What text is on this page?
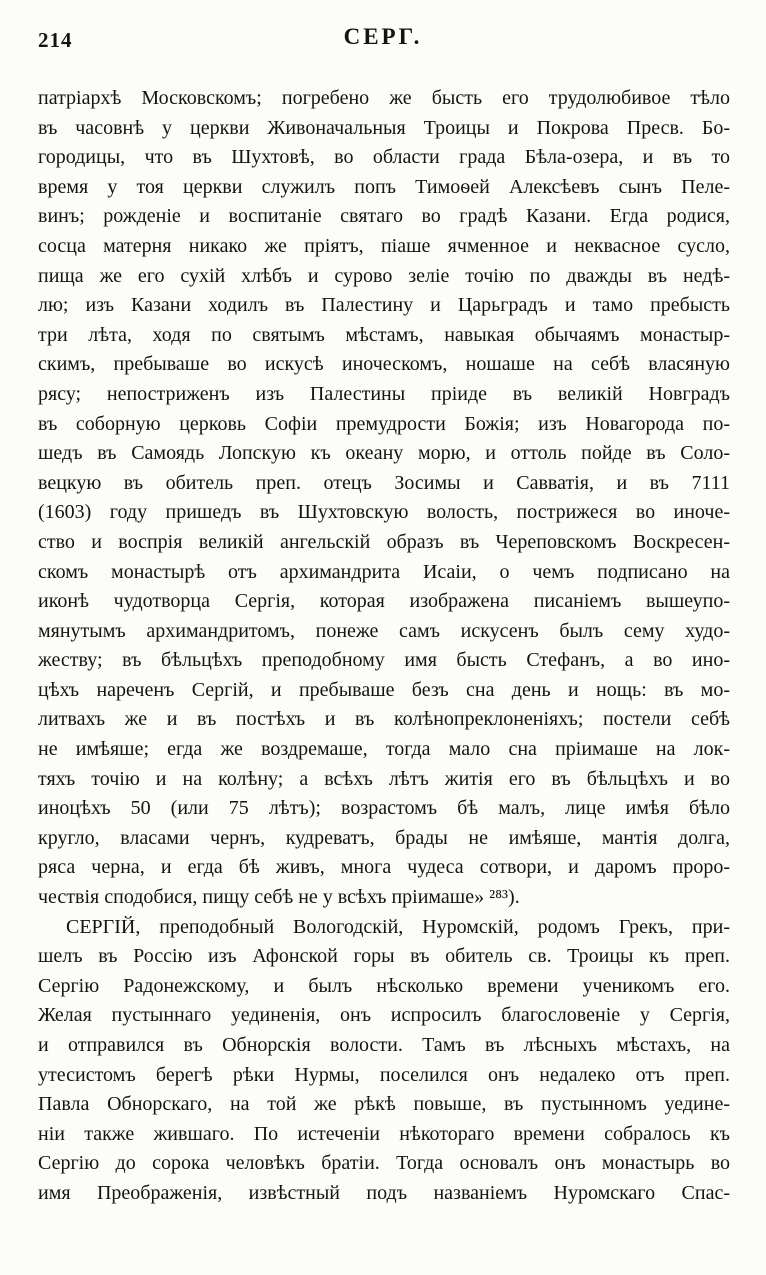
214	СЕРГ.
патріархѣ Московскомъ; погребено же бысть его трудолюбивое тѣло
въ часовнѣ у церкви Живоначальныя Троицы и Покрова Пресв. Бо-
городицы, что въ Шухтовѣ, во области града Бѣла-озера, и въ то
время у тоя церкви служилъ попъ Тимоѳей Алексѣевъ сынъ Пеле-
винъ; рожденіе и воспитаніе святаго во градѣ Казани. Егда родися,
сосца матерня никако же пріятъ, піаше ячменное и неквасное сусло,
пища же его сухій хлѣбъ и сурово зеліе точію по дважды въ недѣ-
лю; изъ Казани ходилъ въ Палестину и Царьградъ и тамо пребысть
три лѣта, ходя по святымъ мѣстамъ, навыкая обычаямъ монастыр-
скимъ, пребываше во искусѣ иноческомъ, ношаше на себѣ власяную
рясу; непостриженъ изъ Палестины пріиде въ великій Новградъ
въ соборную церковь Софіи премудрости Божія; изъ Новагорода по-
шедъ въ Самоядь Лопскую къ океану морю, и оттоль пойде въ Соло-
вецкую въ обитель преп. отецъ Зосимы и Савватія, и въ 7111
(1603) году пришедъ въ Шухтовскую волость, пострижеся во иноче-
ство и воспрія великій ангельскій образъ въ Череповскомъ Воскресен-
скомъ монастырѣ отъ архимандрита Исаіи, о чемъ подписано на
иконѣ чудотворца Сергія, которая изображена писаніемъ вышеупо-
мянутымъ архимандритомъ, понеже самъ искусенъ былъ сему худо-
жеству; въ бѣльцѣхъ преподобному имя бысть Стефанъ, а во ино-
цѣхъ нареченъ Сергій, и пребываше безъ сна день и нощь: въ мо-
литвахъ же и въ постѣхъ и въ колѣнопреклоненіяхъ; постели себѣ
не имѣяше; егда же воздремаше, тогда мало сна пріимаше на лок-
тяхъ точію и на колѣну; а всѣхъ лѣтъ житія его въ бѣльцѣхъ и во
иноцѣхъ 50 (или 75 лѣтъ); возрастомъ бѣ малъ, лице имѣя бѣло
кругло, власами чернъ, кудреватъ, брады не имѣяше, мантія долга,
ряса черна, и егда бѣ живъ, многа чудеса сотвори, и даромъ проро-
чествія сподобися, пищу себѣ не у всѣхъ пріимаше» ²⁸³).
СЕРГІЙ, преподобный Вологодскій, Нуромскій, родомъ Грекъ, при-
шелъ въ Россію изъ Афонской горы въ обитель св. Троицы къ преп.
Сергію Радонежскому, и былъ нѣсколько времени ученикомъ его.
Желая пустыннаго уединенія, онъ испросилъ благословеніе у Сергія,
и отправился въ Обнорскія волости. Тамъ въ лѣсныхъ мѣстахъ, на
утесистомъ берегѣ рѣки Нурмы, поселился онъ недалеко отъ преп.
Павла Обнорскаго, на той же рѣкѣ повыше, въ пустынномъ уедине-
ніи также жившаго. По истеченіи нѣкотораго времени собралось къ
Сергію до сорока человѣкъ братіи. Тогда основалъ онъ монастырь во
имя Преображенія, извѣстный подъ названіемъ Нуромскаго Спас-
